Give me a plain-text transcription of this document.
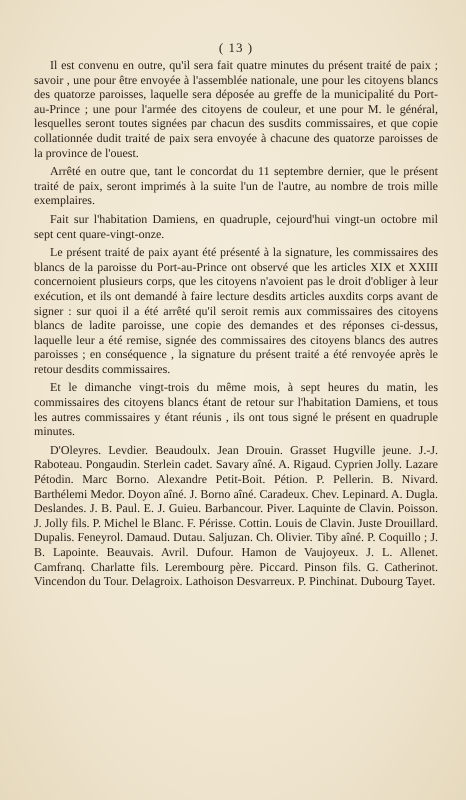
( 13 )

Il est convenu en outre, qu'il sera fait quatre minutes du présent traité de paix ; savoir , une pour être envoyée à l'assemblée nationale, une pour les citoyens blancs des quatorze paroisses, laquelle sera déposée au greffe de la municipalité du Port-au-Prince ; une pour l'armée des citoyens de couleur, et une pour M. le général, lesquelles seront toutes signées par chacun des susdits commissaires, et que copie collationnée dudit traité de paix sera envoyée à chacune des quatorze paroisses de la province de l'ouest.

Arrêté en outre que, tant le concordat du 11 septembre dernier, que le présent traité de paix, seront imprimés à la suite l'un de l'autre, au nombre de trois mille exemplaires.

Fait sur l'habitation Damiens, en quadruple, cejourd'hui vingt-un octobre mil sept cent quare-vingt-onze.

Le présent traité de paix ayant été présenté à la signature, les commissaires des blancs de la paroisse du Port-au-Prince ont observé que les articles XIX et XXIII concernoient plusieurs corps, que les citoyens n'avoient pas le droit d'obliger à leur exécution, et ils ont demandé à faire lecture desdits articles auxdits corps avant de signer : sur quoi il a été arrêté qu'il seroit remis aux commissaires des citoyens blancs de ladite paroisse, une copie des demandes et des réponses ci-dessus, laquelle leur a été remise, signée des commissaires des citoyens blancs des autres paroisses ; en conséquence , la signature du présent traité a été renvoyée après le retour desdits commissaires.

Et le dimanche vingt-trois du même mois, à sept heures du matin, les commissaires des citoyens blancs étant de retour sur l'habitation Damiens, et tous les autres commissaires y étant réunis , ils ont tous signé le présent en quadruple minutes.

D'Oleyres. Levdier. Beaudoulx. Jean Drouin. Grasset Hugville jeune. J.-J. Raboteau. Pongaudin. Sterlein cadet. Savary aîné. A. Rigaud. Cyprien Jolly. Lazare Pétodin. Marc Borno. Alexandre Petit-Boit. Pétion. P. Pellerin. B. Nivard. Barthélemi Medor. Doyon aîné. J. Borno aîné. Caradeux. Chev. Lepinard. A. Dugla. Deslandes. J. B. Paul. E. J. Guieu. Barbancour. Piver. Laquinte de Clavin. Poisson. J. Jolly fils. P. Michel le Blanc. F. Périsse. Cottin. Louis de Clavin. Juste Drouillard. Dupalis. Feneyrol. Damaud. Dutau. Saljuzan. Ch. Olivier. Tiby aîné. P. Coquillo ; J. B. Lapointe. Beauvais. Avril. Dufour. Hamon de Vaujoyeux. J. L. Allenet. Camfranq. Charlatte fils. Lerembourg père. Piccard. Pinson fils. G. Catherinot. Vincendon du Tour. Delagroix. Lathoison Desvarreux. P. Pinchinat. Dubourg Tayet.
